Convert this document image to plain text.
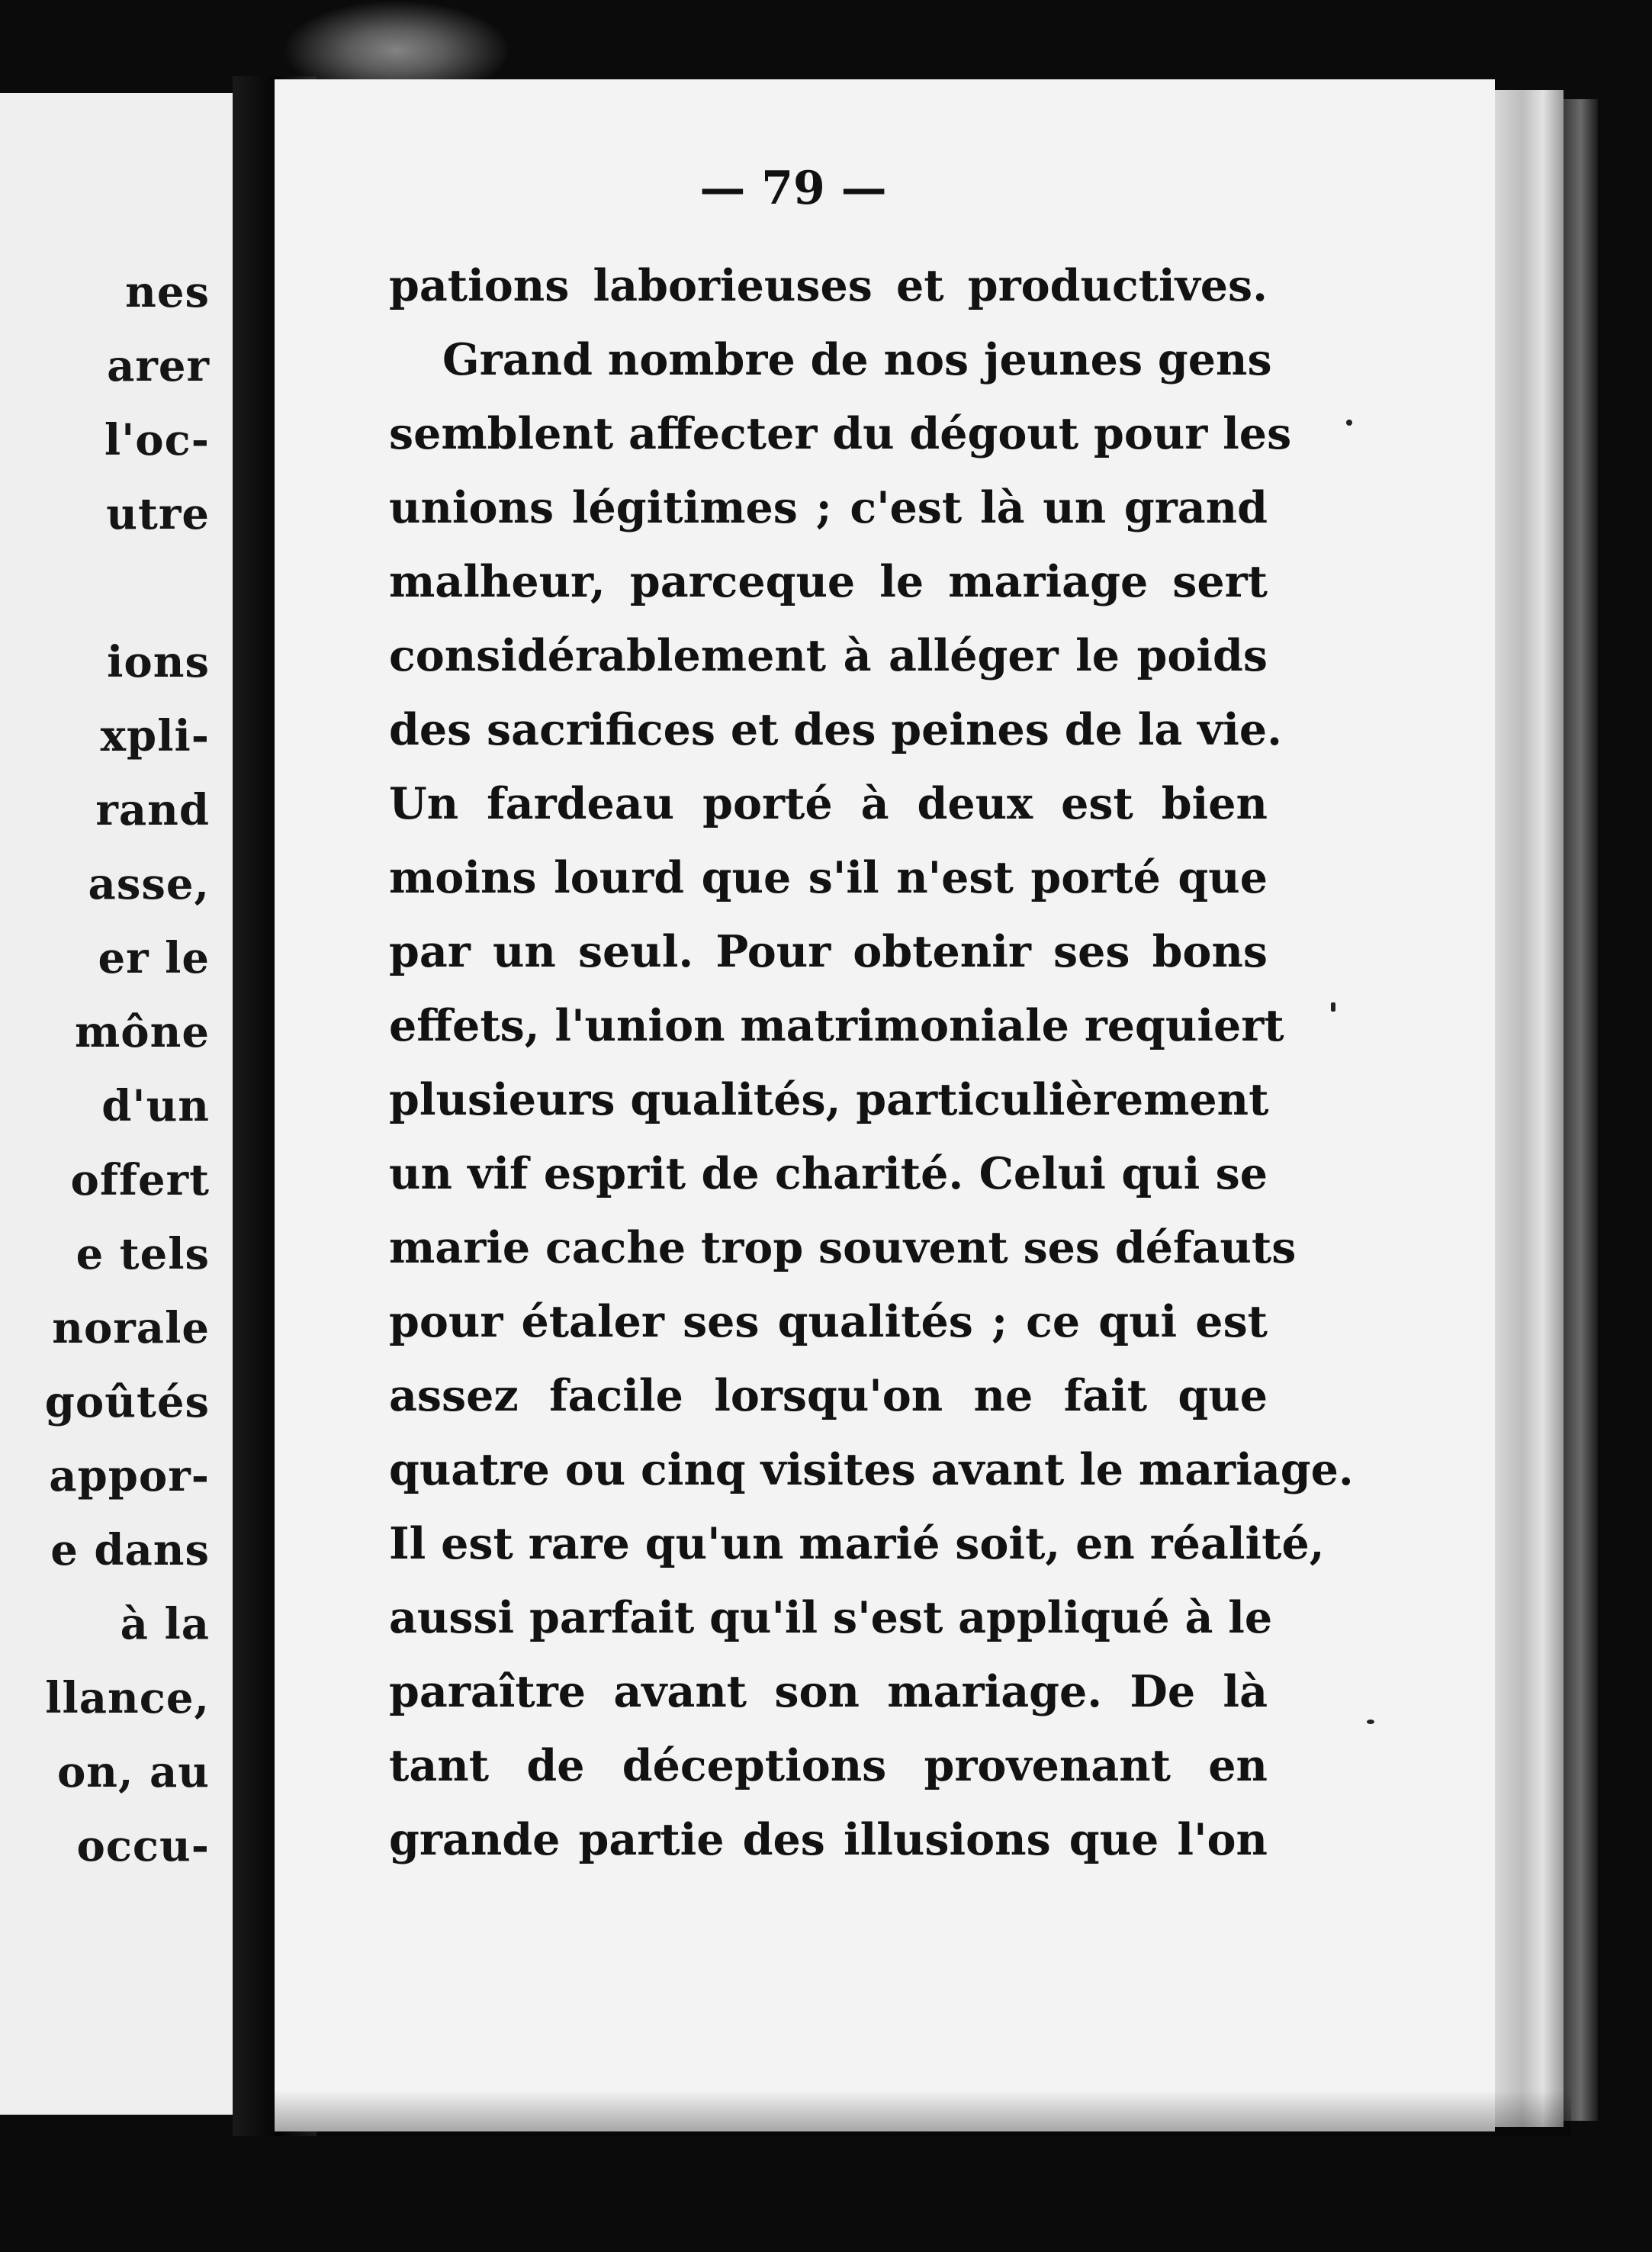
nes
arer
l'oc-
utre
ions
xpli-
rand
asse,
er le
mône
d'un
offert
e tels
norale
goûtés
appor-
e dans
à la
llance,
on, au
occu-
— 79 —
pations laborieuses et productives.
Grand nombre de nos jeunes gens
semblent affecter du dégout pour les
unions légitimes ; c'est là un grand
malheur, parceque le mariage sert
considérablement à alléger le poids
des sacrifices et des peines de la vie.
Un fardeau porté à deux est bien
moins lourd que s'il n'est porté que
par un seul. Pour obtenir ses bons
effets, l'union matrimoniale requiert
plusieurs qualités, particulièrement
un vif esprit de charité. Celui qui se
marie cache trop souvent ses défauts
pour étaler ses qualités ; ce qui est
assez facile lorsqu'on ne fait que
quatre ou cinq visites avant le mariage.
Il est rare qu'un marié soit, en réalité,
aussi parfait qu'il s'est appliqué à le
paraître avant son mariage. De là
tant de déceptions provenant en
grande partie des illusions que l'on
